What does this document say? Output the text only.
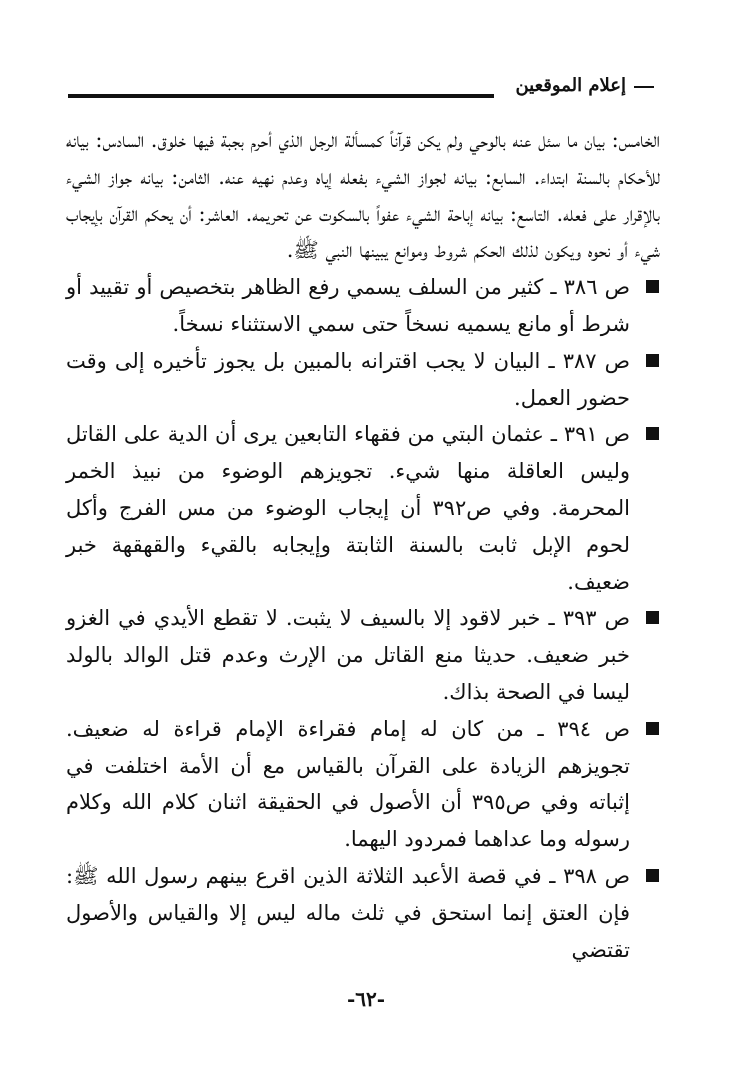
إعلام الموقعين

الخامس: بيان ما سئل عنه بالوحي ولم يكن قرآناً كمسألة الرجل الذي أحرم بجبة فيها خلوق. السادس: بيانه للأحكام بالسنة ابتداء. السابع: بيانه لجواز الشيء بفعله إياه وعدم نهيه عنه. الثامن: بيانه جواز الشيء بالإقرار على فعله. التاسع: بيانه إباحة الشيء عفواً بالسكوت عن تحريمه. العاشر: أن يحكم القرآن بإيجاب شيء أو نحوه ويكون لذلك الحكم شروط وموانع يبينها النبي ﷺ.

ص ٣٨٦ ـ كثير من السلف يسمي رفع الظاهر بتخصيص أو تقييد أو شرط أو مانع يسميه نسخاً حتى سمي الاستثناء نسخاً.

ص ٣٨٧ ـ البيان لا يجب اقترانه بالمبين بل يجوز تأخيره إلى وقت حضور العمل.

ص ٣٩١ ـ عثمان البتي من فقهاء التابعين يرى أن الدية على القاتل وليس العاقلة منها شيء. تجويزهم الوضوء من نبيذ الخمر المحرمة. وفي ص٣٩٢ أن إيجاب الوضوء من مس الفرج وأكل لحوم الإبل ثابت بالسنة الثابتة وإيجابه بالقيء والقهقهة خبر ضعيف.

ص ٣٩٣ ـ خبر لاقود إلا بالسيف لا يثبت. لا تقطع الأيدي في الغزو خبر ضعيف. حديثا منع القاتل من الإرث وعدم قتل الوالد بالولد ليسا في الصحة بذاك.

ص ٣٩٤ ـ من كان له إمام فقراءة الإمام قراءة له ضعيف. تجويزهم الزيادة على القرآن بالقياس مع أن الأمة اختلفت في إثباته وفي ص٣٩٥ أن الأصول في الحقيقة اثنان كلام الله وكلام رسوله وما عداهما فمردود اليهما.

ص ٣٩٨ ـ في قصة الأعبد الثلاثة الذين اقرع بينهم رسول الله ﷺ: فإن العتق إنما استحق في ثلث ماله ليس إلا والقياس والأصول تقتضي

-٦٢-
